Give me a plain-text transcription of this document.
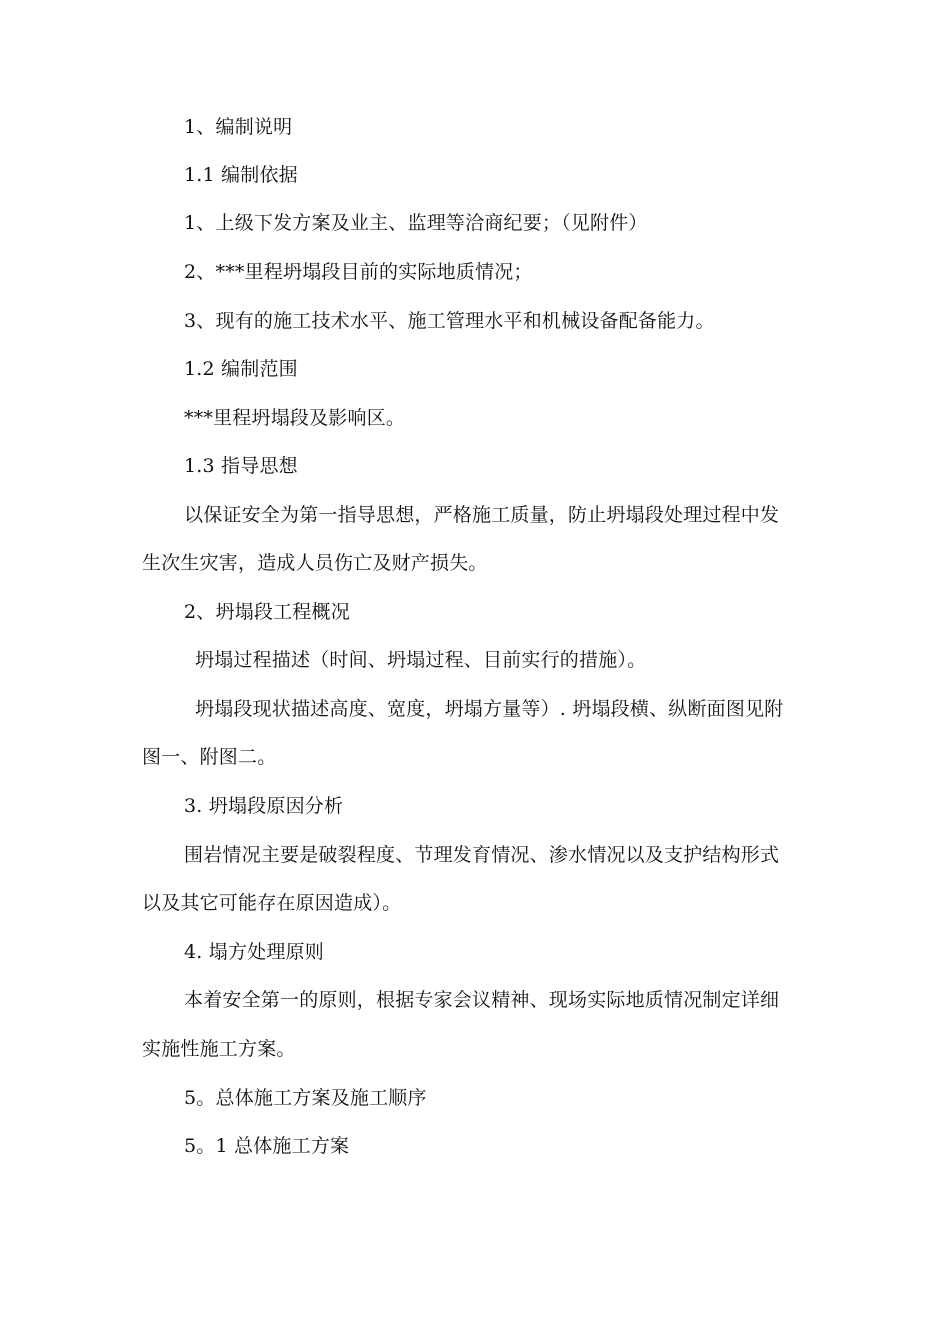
1、编制说明
1.1 编制依据
1、上级下发方案及业主、监理等洽商纪要；（见附件）
2、***里程坍塌段目前的实际地质情况；
3、现有的施工技术水平、施工管理水平和机械设备配备能力。
1.2 编制范围
***里程坍塌段及影响区。
1.3 指导思想
以保证安全为第一指导思想，严格施工质量，防止坍塌段处理过程中发
生次生灾害，造成人员伤亡及财产损失。
2、坍塌段工程概况
坍塌过程描述（时间、坍塌过程、目前实行的措施）。
坍塌段现状描述高度、宽度，坍塌方量等）. 坍塌段横、纵断面图见附
图一、附图二。
3. 坍塌段原因分析
围岩情况主要是破裂程度、节理发育情况、渗水情况以及支护结构形式
以及其它可能存在原因造成）。
4. 塌方处理原则
本着安全第一的原则，根据专家会议精神、现场实际地质情况制定详细
实施性施工方案。
5。总体施工方案及施工顺序
5。1 总体施工方案
